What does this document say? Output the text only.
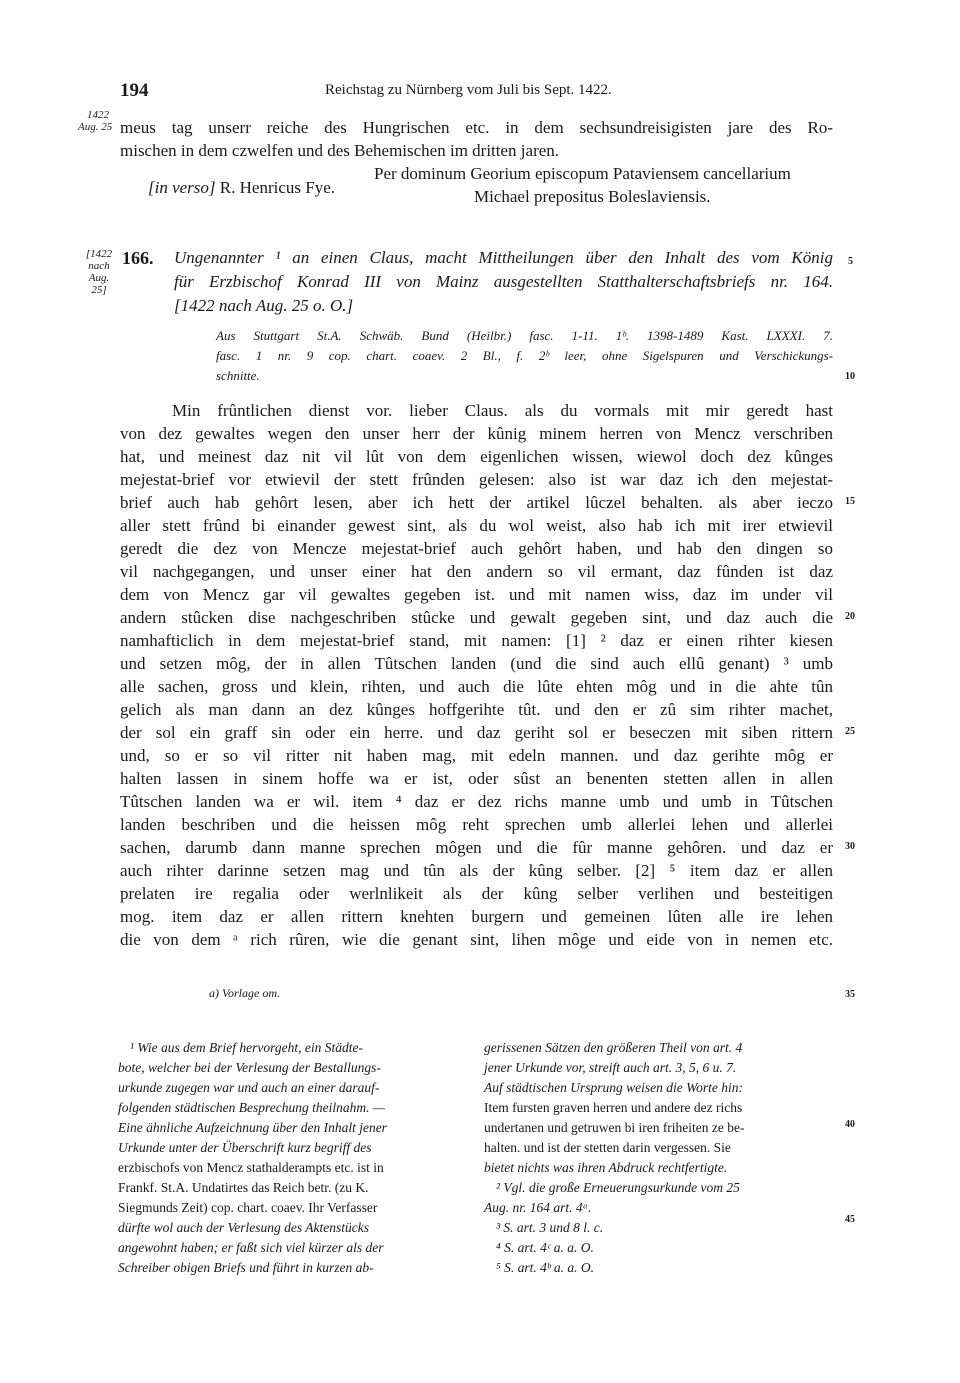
194	Reichstag zu Nürnberg vom Juli bis Sept. 1422.
1422
Aug. 25 meus tag unserr reiche des Hungrischen etc. in dem sechsundreisigisten jare des Ro-
mischen in dem czwelfen und des Behemischen im dritten jaren.
[in verso] R. Henricus Fye.
Per dominum Georium episcopum Pataviensem cancellarium
Michael prepositus Boleslaviensis.
[1422
nach
Aug. 25]
166. Ungenannter ¹ an einen Claus, macht Mittheilungen über den Inhalt des vom König
für Erzbischof Konrad III von Mainz ausgestellten Statthalterschaftsbriefs nr. 164.
[1422 nach Aug. 25 o. O.]
Aus Stuttgart St.A. Schwäb. Bund (Heilbr.) fasc. 1-11. 1ᵇ. 1398-1489 Kast. LXXXI. 7.
fasc. 1 nr. 9 cop. chart. coaev. 2 Bl., f. 2ᵇ leer, ohne Sigelspuren und Verschickungs-
schnitte.
Min frûntlichen dienst vor. lieber Claus. als du vormals mit mir geredt hast
von dez gewaltes wegen den unser herr der kûnig minem herren von Mencz verschriben
hat, und meinest daz nit vil lût von dem eigenlichen wissen, wiewol doch dez kûnges
mejestat-brief vor etwievil der stett frûnden gelesen: also ist war daz ich den mejestat-
brief auch hab gehôrt lesen, aber ich hett der artikel lûczel behalten. als aber ieczo
aller stett frûnd bi einander gewest sint, als du wol weist, also hab ich mit irer etwievil
geredt die dez von Mencze mejestat-brief auch gehôrt haben, und hab den dingen so
vil nachgegangen, und unser einer hat den andern so vil ermant, daz fûnden ist daz
dem von Mencz gar vil gewaltes gegeben ist. und mit namen wiss, daz im under vil
andern stûcken dise nachgeschriben stûcke und gewalt gegeben sint, und daz auch die
namhafticlich in dem mejestat-brief stand, mit namen: [1] ² daz er einen rihter kiesen
und setzen môg, der in allen Tûtschen landen (und die sind auch ellû genant) ³ umb
alle sachen, gross und klein, rihten, und auch die lûte ehten môg und in die ahte tûn
gelich als man dann an dez kûnges hoffgerihte tût. und den er zû sim rihter machet,
der sol ein graff sin oder ein herre. und daz geriht sol er beseczen mit siben rittern
und, so er so vil ritter nit haben mag, mit edeln mannen. und daz gerihte môg er
halten lassen in sinem hoffe wa er ist, oder sûst an benenten stetten allen in allen
Tûtschen landen wa er wil. item ⁴ daz er dez richs manne umb und umb in Tûtschen
landen beschriben und die heissen môg reht sprechen umb allerlei lehen und allerlei
sachen, darumb dann manne sprechen môgen und die fûr manne gehôren. und daz er
auch rihter darinne setzen mag und tûn als der kûng selber. [2] ⁵ item daz er allen
prelaten ire regalia oder werlnlikeit als der kûng selber verlihen und besteitigen
mog. item daz er allen rittern knehten burgern und gemeinen lûten alle ire lehen
die von dem ᵃ rich rûren, wie die genant sint, lihen môge und eide von in nemen etc.
a) Vorlage om.
¹ Wie aus dem Brief hervorgeht, ein Städte-
bote, welcher bei der Verlesung der Bestallungs-
urkunde zugegen war und auch an einer darauf-
folgenden städtischen Besprechung theilnahm. —
Eine ähnliche Aufzeichnung über den Inhalt jener
Urkunde unter der Überschrift kurz begriff des
erzbischofs von Mencz stathalderampts etc. ist in
Frankf. St.A. Undatirtes das Reich betr. (zu K.
Siegmunds Zeit) cop. chart. coaev. Ihr Verfasser
dürfte wol auch der Verlesung des Aktenstücks
angewohnt haben; er faßt sich viel kürzer als der
Schreiber obigen Briefs und führt in kurzen ab-
gerissenen Sätzen den größeren Theil von art. 4
jener Urkunde vor, streift auch art. 3, 5, 6 u. 7.
Auf städtischen Ursprung weisen die Worte hin:
Item fursten graven herren und andere dez richs
undertanen und getruwen bi iren friheiten ze be-
halten. und ist der stetten darin vergessen. Sie
bietet nichts was ihren Abdruck rechtfertigte.
² Vgl. die große Erneuerungsurkunde vom 25
Aug. nr. 164 art. 4ᵃ.
³ S. art. 3 und 8 l. c.
⁴ S. art. 4ᶜ a. a. O.
⁵ S. art. 4ᵇ a. a. O.
5
10
15
20
25
30
35
40
45
